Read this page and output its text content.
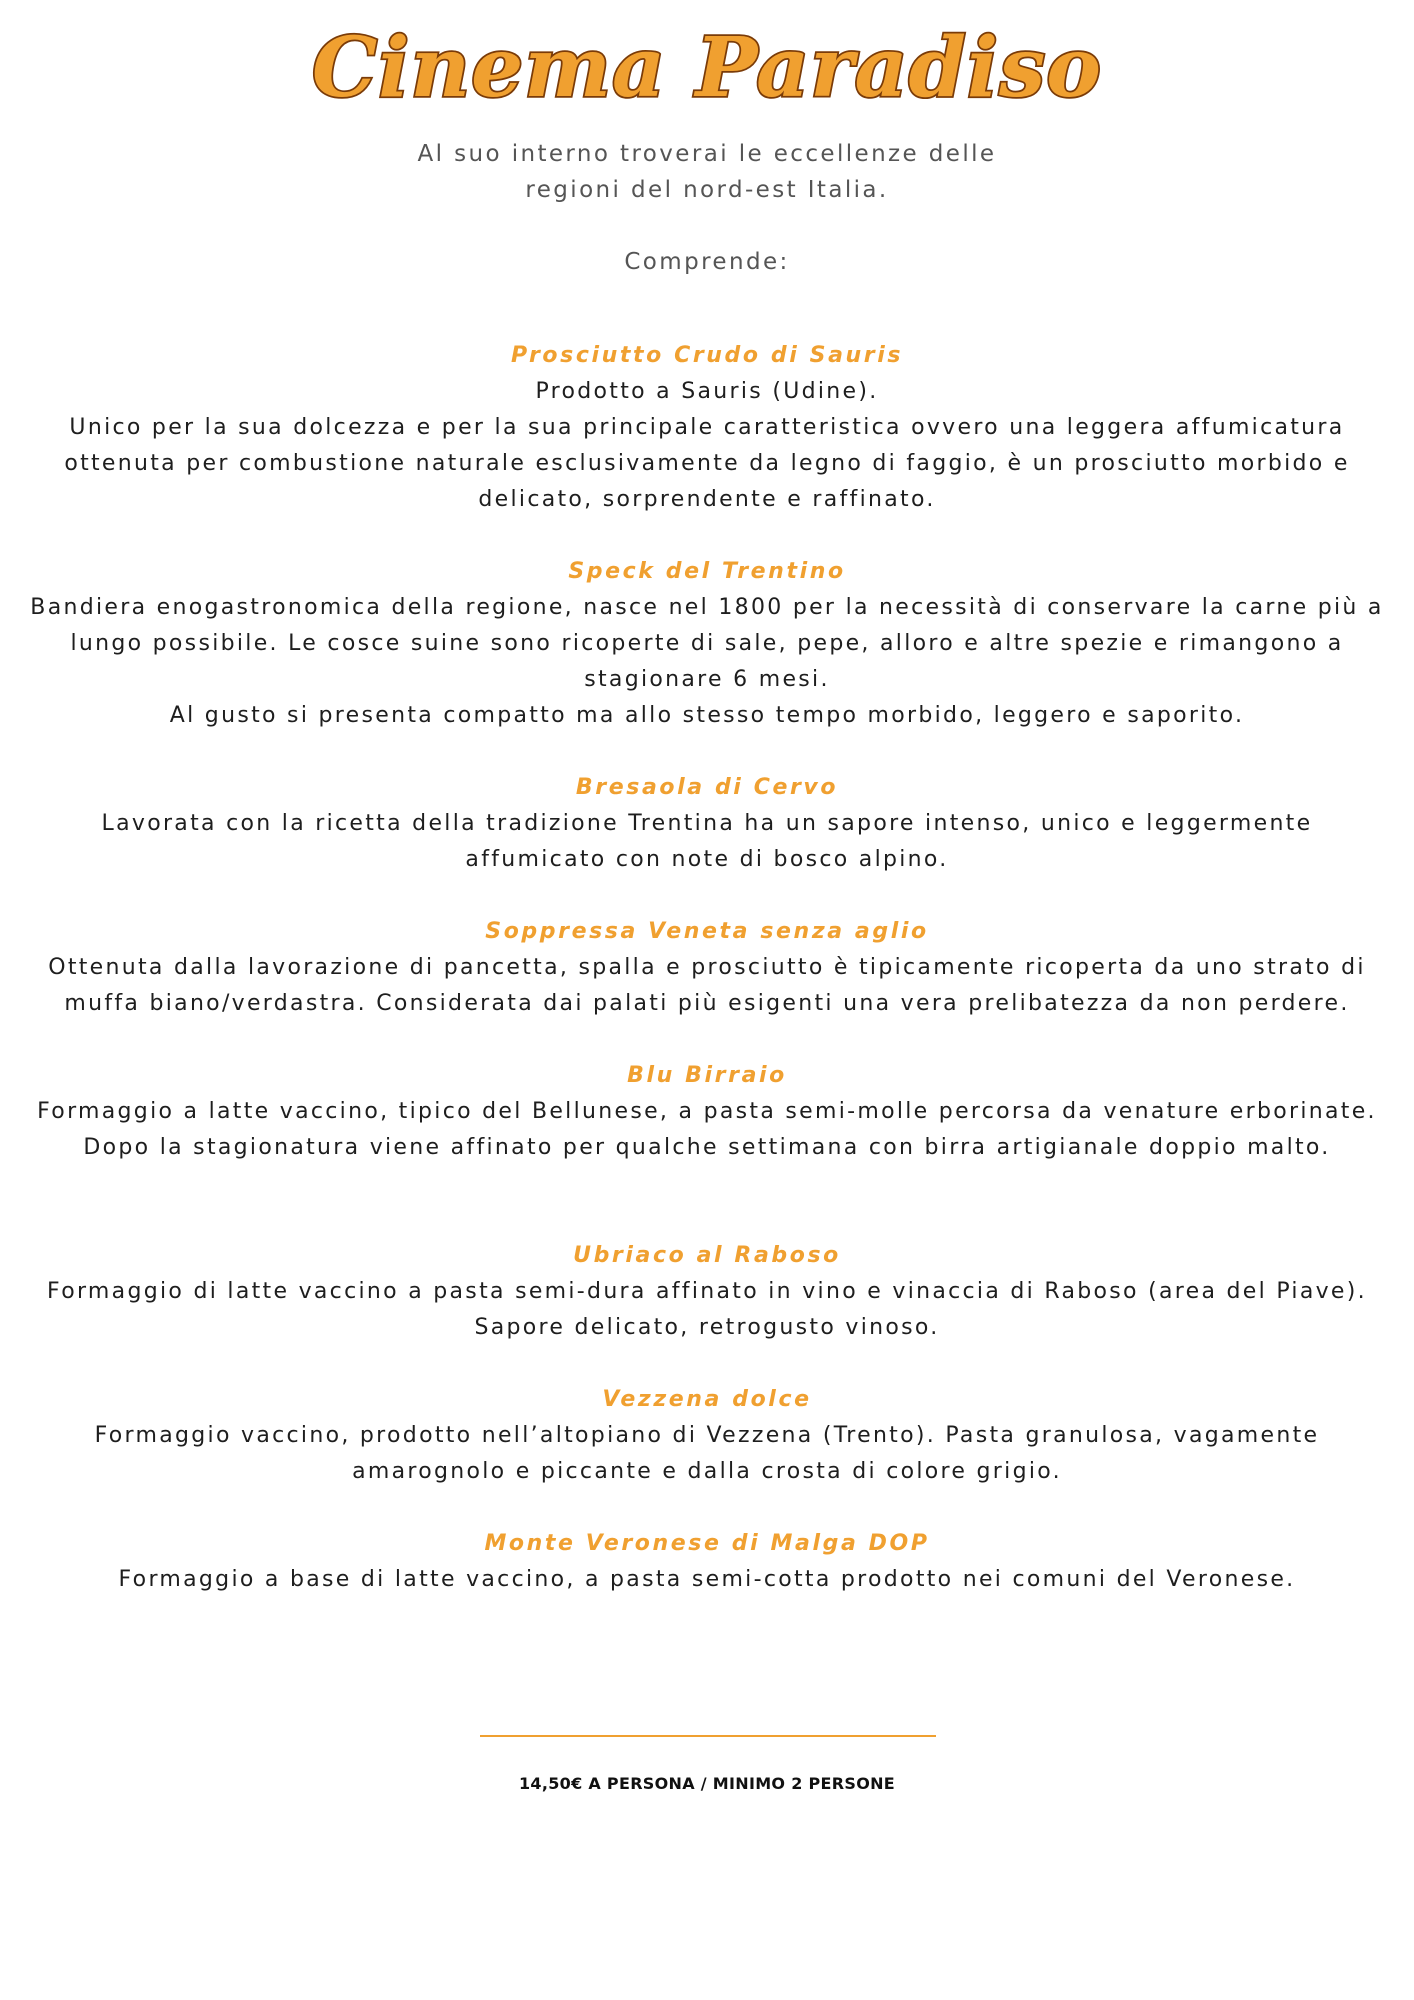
Cinema Paradiso

Al suo interno troverai le eccellenze delle

regioni del nord-est Italia.

Comprende:

Prosciutto Crudo di Sauris
Prodotto a Sauris (Udine).
Unico per la sua dolcezza e per la sua principale caratteristica ovvero una leggera affumicatura
ottenuta per combustione naturale esclusivamente da legno di faggio, è un prosciutto morbido e
delicato, sorprendente e raffinato.
Speck del Trentino
Bandiera enogastronomica della regione, nasce nel 1800 per la necessità di conservare la carne più a
lungo possibile. Le cosce suine sono ricoperte di sale, pepe, alloro e altre spezie e rimangono a
stagionare 6 mesi.
Al gusto si presenta compatto ma allo stesso tempo morbido, leggero e saporito.
Bresaola di Cervo
Lavorata con la ricetta della tradizione Trentina ha un sapore intenso, unico e leggermente
affumicato con note di bosco alpino.
Soppressa Veneta senza aglio
Ottenuta dalla lavorazione di pancetta, spalla e prosciutto è tipicamente ricoperta da uno strato di
muffa biano/verdastra. Considerata dai palati più esigenti una vera prelibatezza da non perdere.
Blu Birraio
Formaggio a latte vaccino, tipico del Bellunese, a pasta semi-molle percorsa da venature erborinate.
Dopo la stagionatura viene affinato per qualche settimana con birra artigianale doppio malto.
Ubriaco al Raboso
Formaggio di latte vaccino a pasta semi-dura affinato in vino e vinaccia di Raboso (area del Piave).
Sapore delicato, retrogusto vinoso.
Vezzena dolce
Formaggio vaccino, prodotto nell’altopiano di Vezzena (Trento). Pasta granulosa, vagamente
amarognolo e piccante e dalla crosta di colore grigio.
Monte Veronese di Malga DOP
Formaggio a base di latte vaccino, a pasta semi-cotta prodotto nei comuni del Veronese.
14,50€ A PERSONA / MINIMO 2 PERSONE
